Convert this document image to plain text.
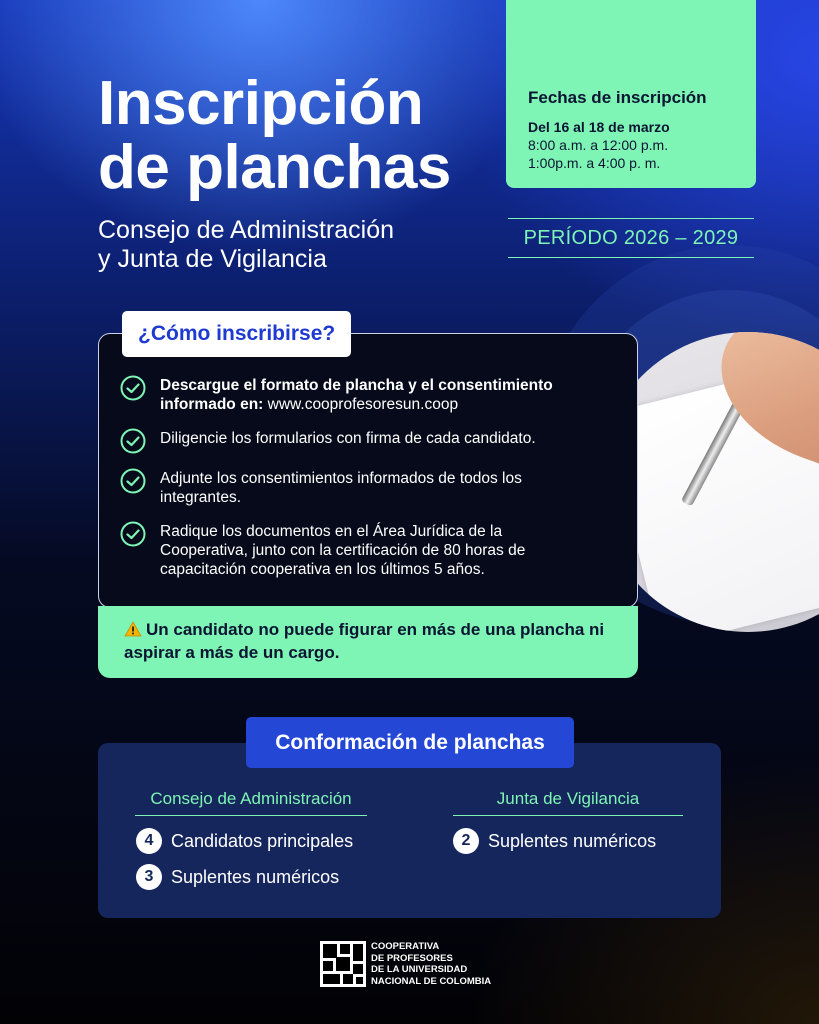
Inscripción
de planchas

Consejo de Administración
y Junta de Vigilancia

Fechas de inscripción
Del 16 al 18 de marzo
8:00 a.m. a 12:00 p.m.
1:00p.m. a 4:00 p. m.
PERÍODO 2026 – 2029
¿Cómo inscribirse?
Descargue el formato de plancha y el consentimiento informado en: www.cooprofesoresun.coop
Diligencie los formularios con firma de cada candidato.
Adjunte los consentimientos informados de todos los integrantes.
Radique los documentos en el Área Jurídica de la Cooperativa, junto con la certificación de 80 horas de capacitación cooperativa en los últimos 5 años.
Un candidato no puede figurar en más de una plancha ni aspirar a más de un cargo.
Conformación de planchas
Consejo de Administración	Junta de Vigilancia
4 Candidatos principales
3 Suplentes numéricos
2 Suplentes numéricos
COOPERATIVA
DE PROFESORES
DE LA UNIVERSIDAD
NACIONAL DE COLOMBIA
